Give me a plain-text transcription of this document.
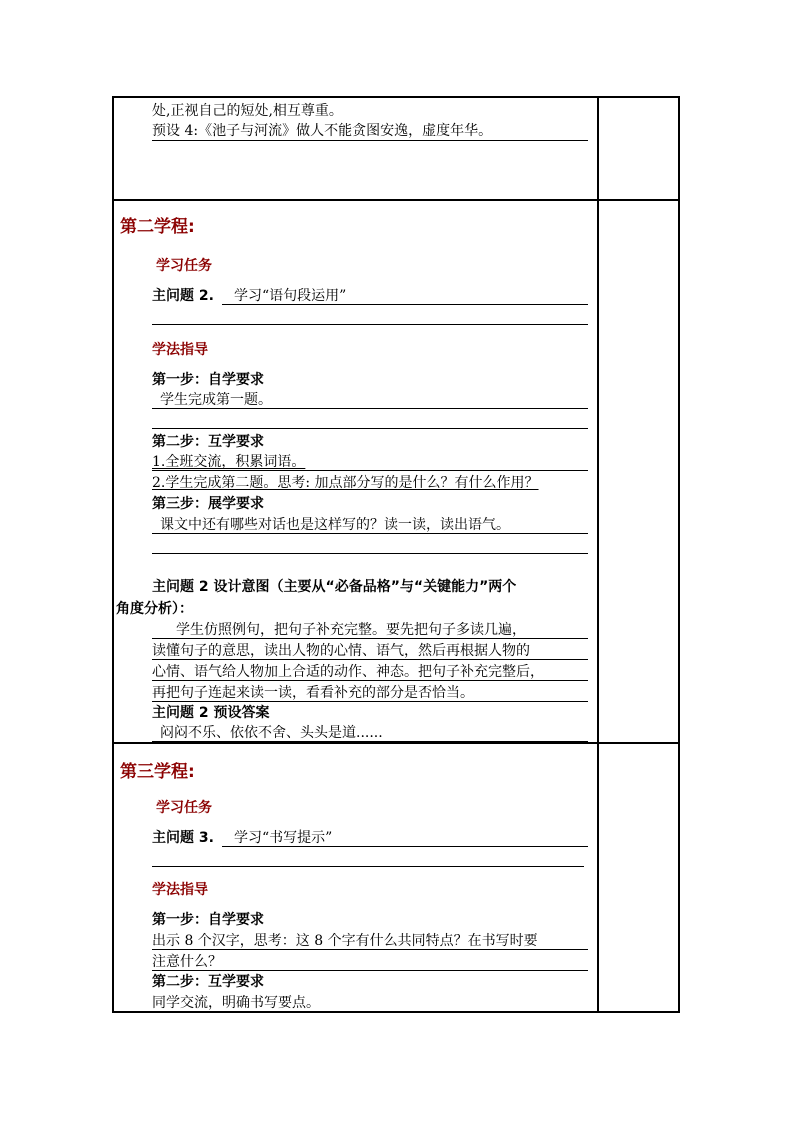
处,正视自己的短处,相互尊重。
预设 4:《池子与河流》做人不能贪图安逸，虚度年华。
第二学程:
学习任务
主问题 2. 学习“语句段运用”
学法指导
第一步：自学要求
学生完成第一题。
第二步：互学要求
1.全班交流，积累词语。
2.学生完成第二题。思考: 加点部分写的是什么？有什么作用？
第三步：展学要求
课文中还有哪些对话也是这样写的？读一读，读出语气。
主问题 2 设计意图（主要从“必备品格”与“关键能力”两个
角度分析）：
学生仿照例句，把句子补充完整。要先把句子多读几遍，
读懂句子的意思，读出人物的心情、语气，然后再根据人物的
心情、语气给人物加上合适的动作、神态。把句子补充完整后，
再把句子连起来读一读，看看补充的部分是否恰当。
主问题 2 预设答案
闷闷不乐、依依不舍、头头是道......
第三学程:
学习任务
主问题 3. 学习“书写提示”
学法指导
第一步：自学要求
出示 8 个汉字，思考：这 8 个字有什么共同特点？在书写时要
注意什么？
第二步：互学要求
同学交流，明确书写要点。
